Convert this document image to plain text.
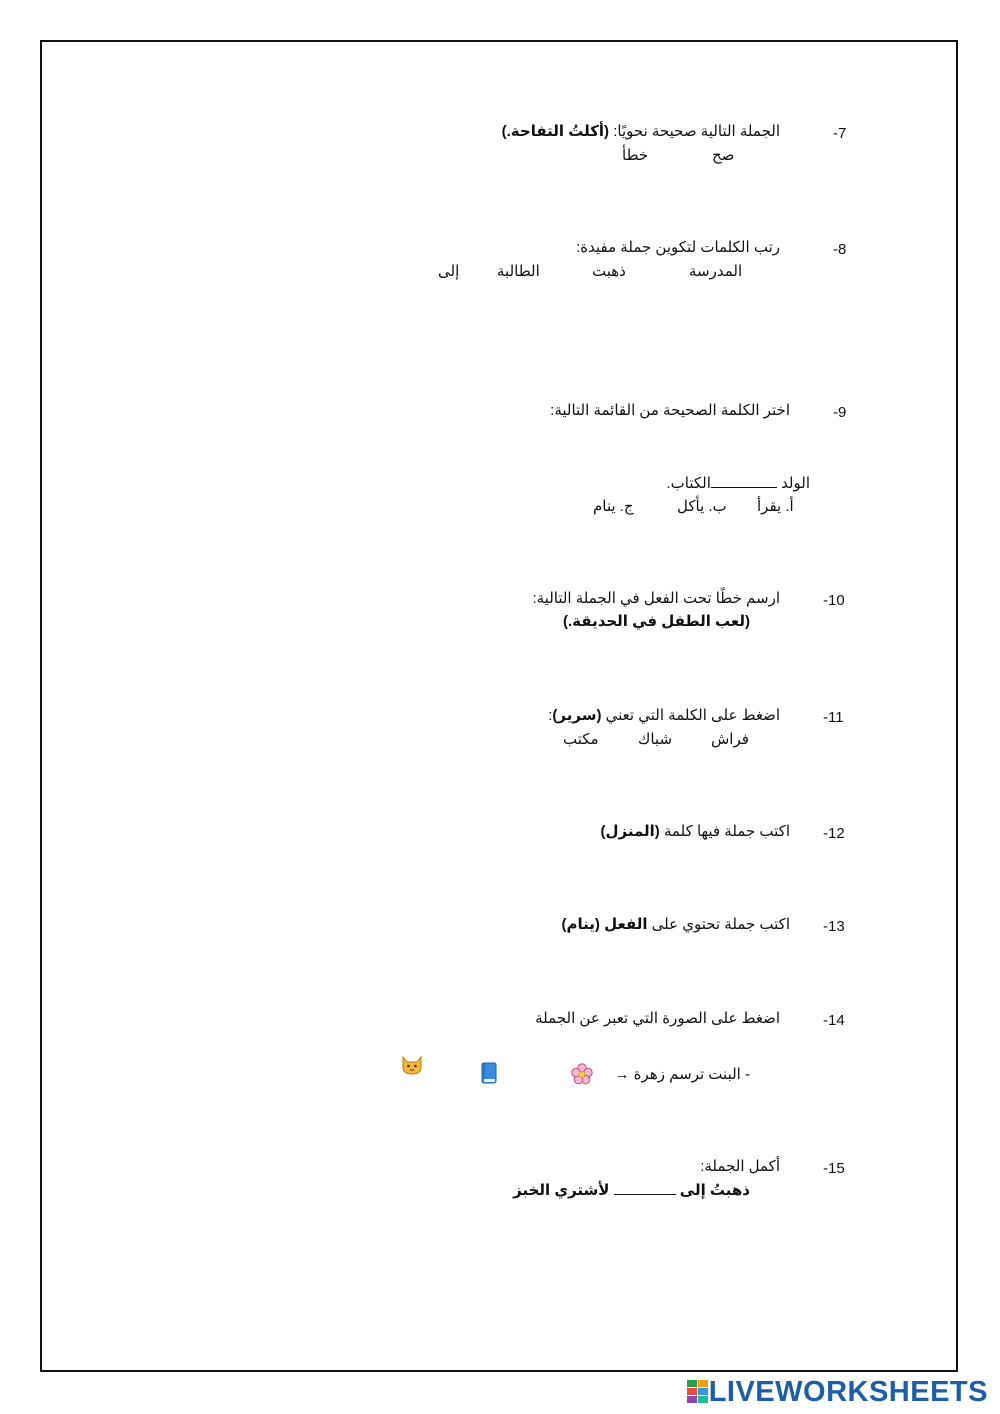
-7
الجملة التالية صحيحة نحويًا: (أكلتُ التفاحة.)
صح
خطأ
-8
رتب الكلمات لتكوين جملة مفيدة:
المدرسة
ذهبت
الطالبة
إلى
-9
اختر الكلمة الصحيحة من القائمة التالية:
الولد الكتاب.
أ. يقرأ
ب. يأكل
ج. ينام
-10
ارسم خطًا تحت الفعل في الجملة التالية:
(لعب الطفل في الحديقة.)
-11
اضغط على الكلمة التي تعني (سرير):
فراش
شباك
مكتب
-12
اكتب جملة فيها كلمة (المنزل)
-13
اكتب جملة تحتوي على الفعل (ينام)
-14
اضغط على الصورة التي تعبر عن الجملة
- البنت ترسم زهرة →
-15
أكمل الجملة:
ذهبتُ إلى  لأشتري الخبز
LIVEWORKSHEETS
